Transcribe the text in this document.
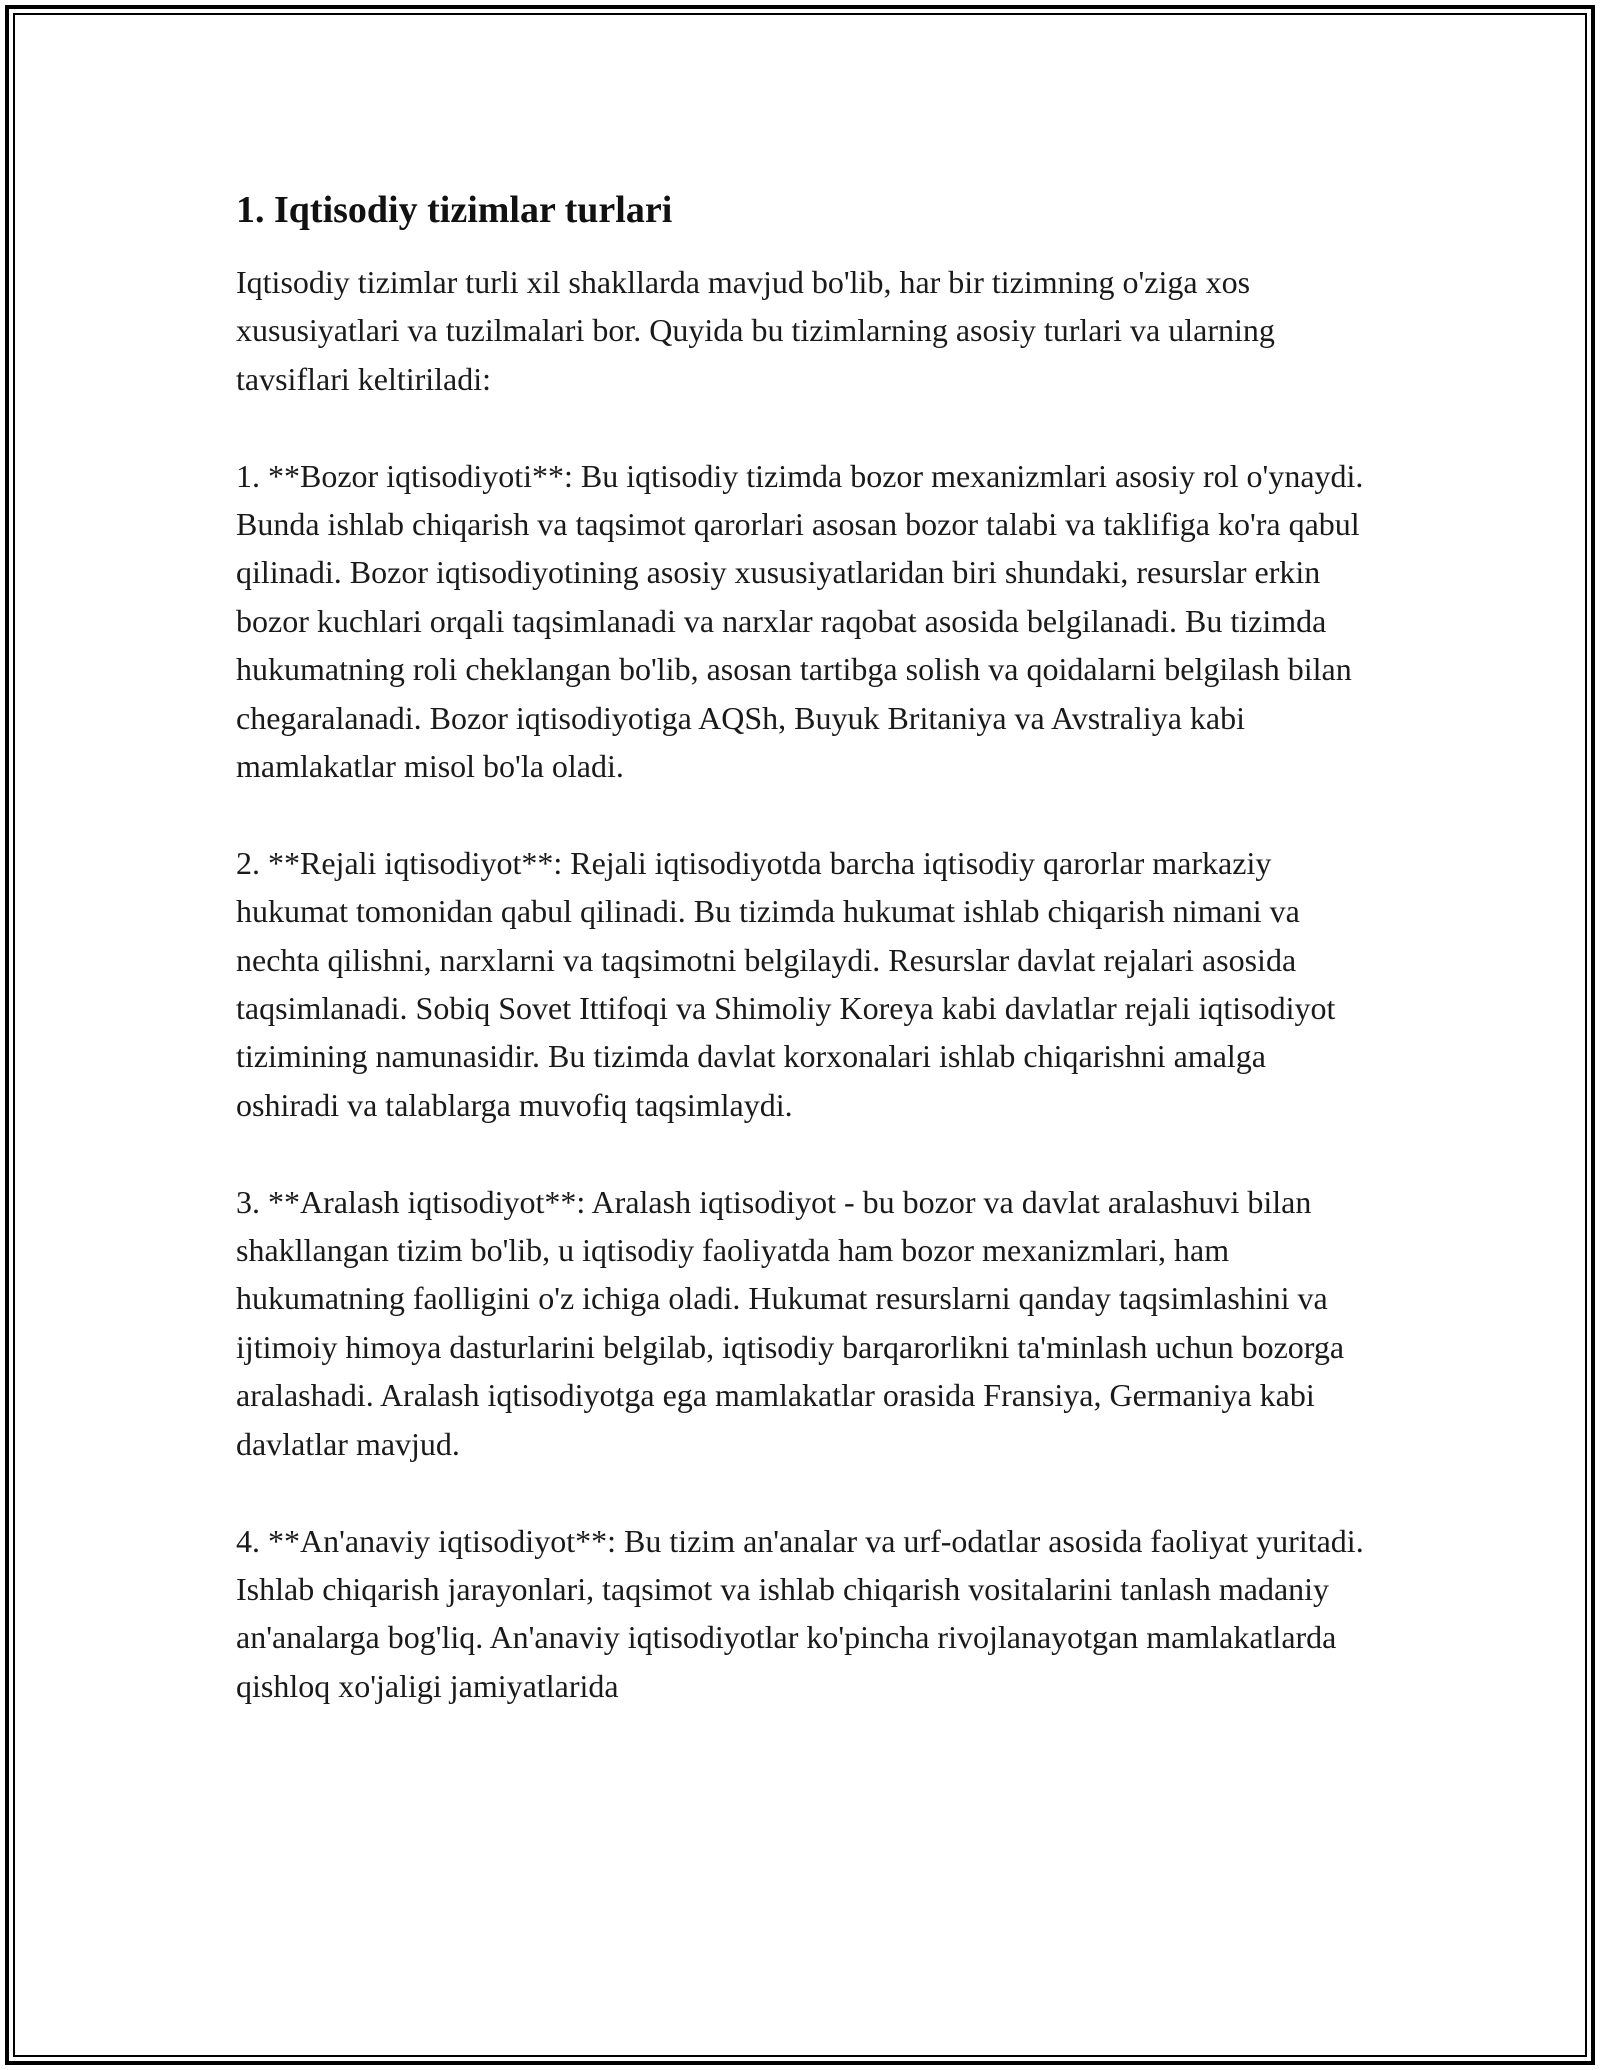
1. Iqtisodiy tizimlar turlari

Iqtisodiy tizimlar turli xil shakllarda mavjud bo'lib, har bir tizimning o'ziga xos xususiyatlari va tuzilmalari bor. Quyida bu tizimlarning asosiy turlari va ularning tavsiflari keltiriladi:

1. **Bozor iqtisodiyoti**: Bu iqtisodiy tizimda bozor mexanizmlari asosiy rol o'ynaydi. Bunda ishlab chiqarish va taqsimot qarorlari asosan bozor talabi va taklifiga ko'ra qabul qilinadi. Bozor iqtisodiyotining asosiy xususiyatlaridan biri shundaki, resurslar erkin bozor kuchlari orqali taqsimlanadi va narxlar raqobat asosida belgilanadi. Bu tizimda hukumatning roli cheklangan bo'lib, asosan tartibga solish va qoidalarni belgilash bilan chegaralanadi. Bozor iqtisodiyotiga AQSh, Buyuk Britaniya va Avstraliya kabi mamlakatlar misol bo'la oladi.

2. **Rejali iqtisodiyot**: Rejali iqtisodiyotda barcha iqtisodiy qarorlar markaziy hukumat tomonidan qabul qilinadi. Bu tizimda hukumat ishlab chiqarish nimani va nechta qilishni, narxlarni va taqsimotni belgilaydi. Resurslar davlat rejalari asosida taqsimlanadi. Sobiq Sovet Ittifoqi va Shimoliy Koreya kabi davlatlar rejali iqtisodiyot tizimining namunasidir. Bu tizimda davlat korxonalari ishlab chiqarishni amalga oshiradi va talablarga muvofiq taqsimlaydi.

3. **Aralash iqtisodiyot**: Aralash iqtisodiyot - bu bozor va davlat aralashuvi bilan shakllangan tizim bo'lib, u iqtisodiy faoliyatda ham bozor mexanizmlari, ham hukumatning faolligini o'z ichiga oladi. Hukumat resurslarni qanday taqsimlashini va ijtimoiy himoya dasturlarini belgilab, iqtisodiy barqarorlikni ta'minlash uchun bozorga aralashadi. Aralash iqtisodiyotga ega mamlakatlar orasida Fransiya, Germaniya kabi davlatlar mavjud.

4. **An'anaviy iqtisodiyot**: Bu tizim an'analar va urf-odatlar asosida faoliyat yuritadi. Ishlab chiqarish jarayonlari, taqsimot va ishlab chiqarish vositalarini tanlash madaniy an'analarga bog'liq. An'anaviy iqtisodiyotlar ko'pincha rivojlanayotgan mamlakatlarda qishloq xo'jaligi jamiyatlarida
